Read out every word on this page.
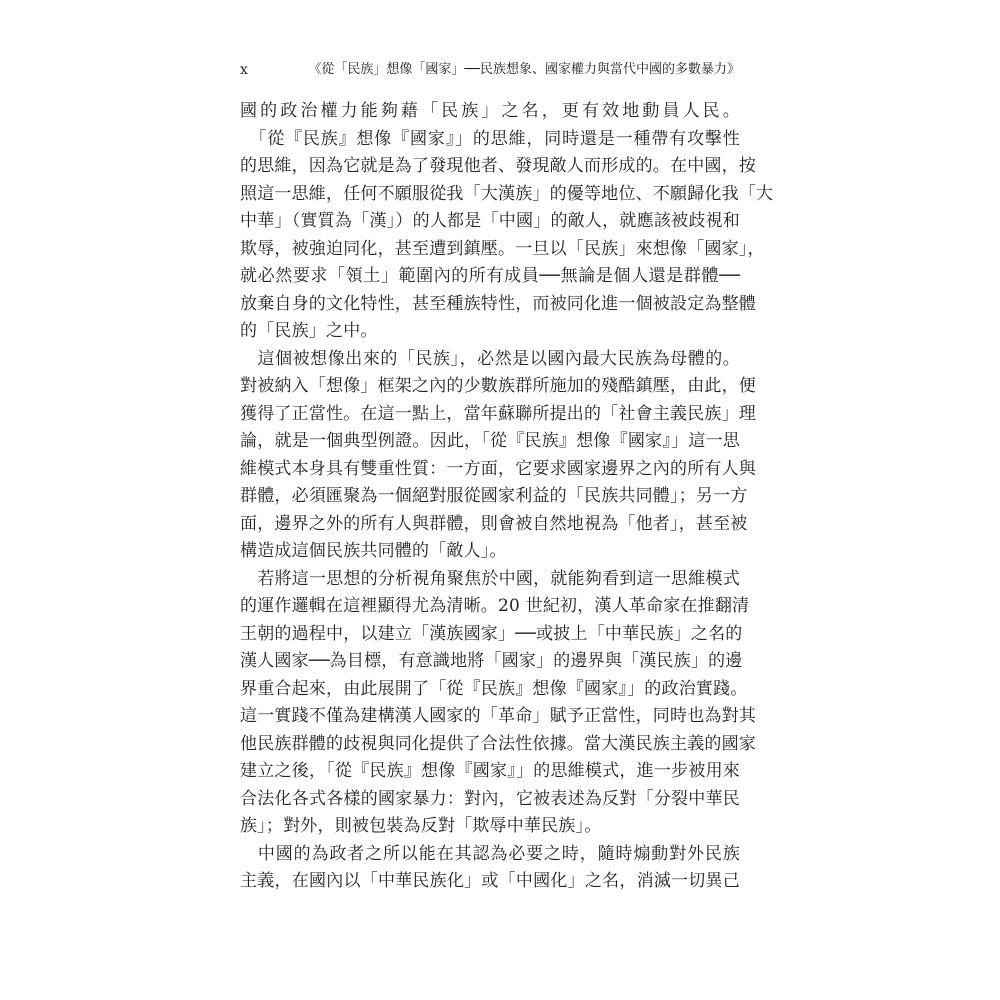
x	《從「民族」想像「國家」──民族想象、國家權力與當代中國的多數暴力》
國的政治權力能夠藉「民族」之名，更有效地動員人民。
　「從『民族』想像『國家』」的思維，同時還是一種帶有攻擊性
的思維，因為它就是為了發現他者、發現敵人而形成的。在中國，按
照這一思維，任何不願服從我「大漢族」的優等地位、不願歸化我「大
中華」（實質為「漢」）的人都是「中國」的敵人，就應該被歧視和
欺辱，被強迫同化，甚至遭到鎮壓。一旦以「民族」來想像「國家」，
就必然要求「領土」範圍內的所有成員──無論是個人還是群體──
放棄自身的文化特性，甚至種族特性，而被同化進一個被設定為整體
的「民族」之中。
　這個被想像出來的「民族」，必然是以國內最大民族為母體的。
對被納入「想像」框架之內的少數族群所施加的殘酷鎮壓，由此，便
獲得了正當性。在這一點上，當年蘇聯所提出的「社會主義民族」理
論，就是一個典型例證。因此，「從『民族』想像『國家』」這一思
維模式本身具有雙重性質：一方面，它要求國家邊界之內的所有人與
群體，必須匯聚為一個絕對服從國家利益的「民族共同體」；另一方
面，邊界之外的所有人與群體，則會被自然地視為「他者」，甚至被
構造成這個民族共同體的「敵人」。
　若將這一思想的分析視角聚焦於中國，就能夠看到這一思維模式
的運作邏輯在這裡顯得尤為清晰。20 世紀初，漢人革命家在推翻清
王朝的過程中，以建立「漢族國家」──或披上「中華民族」之名的
漢人國家──為目標，有意識地將「國家」的邊界與「漢民族」的邊
界重合起來，由此展開了「從『民族』想像『國家』」的政治實踐。
這一實踐不僅為建構漢人國家的「革命」賦予正當性，同時也為對其
他民族群體的歧視與同化提供了合法性依據。當大漢民族主義的國家
建立之後，「從『民族』想像『國家』」的思維模式，進一步被用來
合法化各式各樣的國家暴力：對內，它被表述為反對「分裂中華民
族」；對外，則被包裝為反對「欺辱中華民族」。
　中國的為政者之所以能在其認為必要之時，隨時煽動對外民族
主義，在國內以「中華民族化」或「中國化」之名，消滅一切異己
